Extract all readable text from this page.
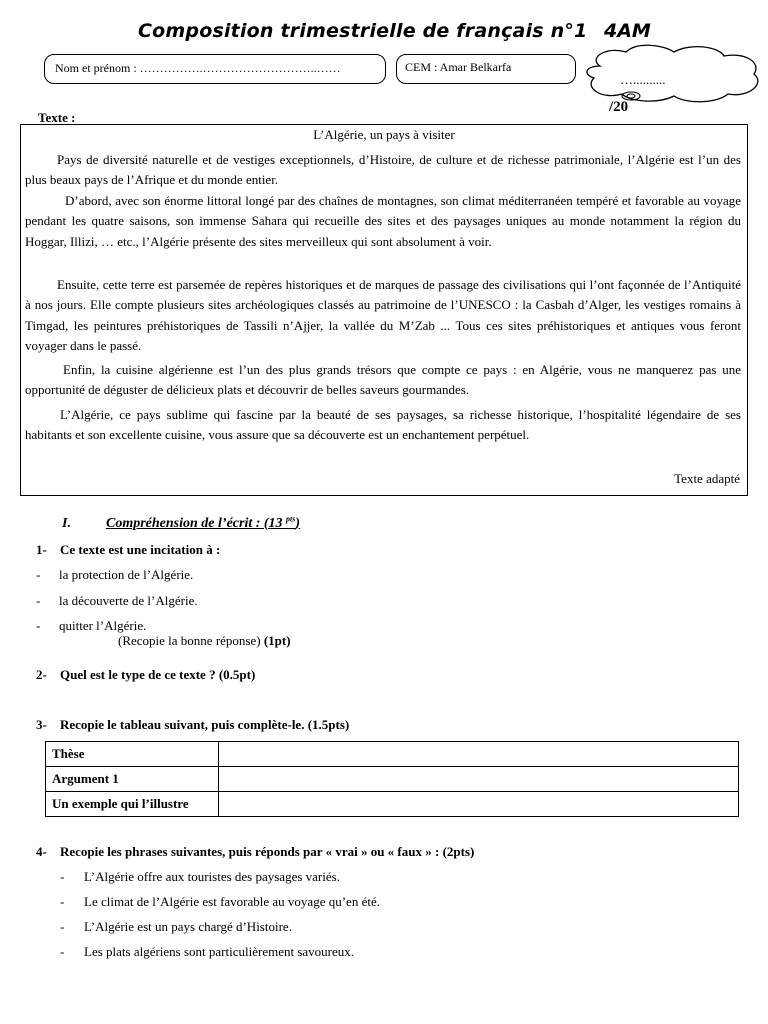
Composition trimestrielle de français n°1 4AM
Nom et prénom : …………….………………………..……	CEM : Amar Belkarfa
…..........
/20
Texte :
L’Algérie, un pays à visiter
Pays de diversité naturelle et de vestiges exceptionnels, d’Histoire, de culture et de richesse patrimoniale, l’Algérie est l’un des plus beaux pays de l’Afrique et du monde entier.
D’abord, avec son énorme littoral longé par des chaînes de montagnes, son climat méditerranéen tempéré et favorable au voyage pendant les quatre saisons, son immense Sahara qui recueille des sites et des paysages uniques au monde notamment la région du Hoggar, Illizi, … etc., l’Algérie présente des sites merveilleux qui sont absolument à voir.
Ensuite, cette terre est parsemée de repères historiques et de marques de passage des civilisations qui l’ont façonnée de l’Antiquité à nos jours. Elle compte plusieurs sites archéologiques classés au patrimoine de l’UNESCO : la Casbah d’Alger, les vestiges romains à Timgad, les peintures préhistoriques de Tassili n’Ajjer, la vallée du M’Zab ... Tous ces sites préhistoriques et antiques vous feront voyager dans le passé.
Enfin, la cuisine algérienne est l’un des plus grands trésors que compte ce pays : en Algérie, vous ne manquerez pas une opportunité de déguster de délicieux plats et découvrir de belles saveurs gourmandes.
L’Algérie, ce pays sublime qui fascine par la beauté de ses paysages, sa richesse historique, l’hospitalité légendaire de ses habitants et son excellente cuisine, vous assure que sa découverte est un enchantement perpétuel.
Texte adapté
I.	Compréhension de l’écrit : (13 $^{pts}$)
1- Ce texte est une incitation à :
- la protection de l’Algérie.
- la découverte de l’Algérie.
- quitter l’Algérie.
(Recopie la bonne réponse) (1pt)
2- Quel est le type de ce texte ? (0.5pt)
3- Recopie le tableau suivant, puis complète-le. (1.5pts)
Thèse	
Argument 1	
Un exemple qui l’illustre	
4- Recopie les phrases suivantes, puis réponds par « vrai » ou « faux » : (2pts)
- L’Algérie offre aux touristes des paysages variés.
- Le climat de l’Algérie est favorable au voyage qu’en été.
- L’Algérie est un pays chargé d’Histoire.
- Les plats algériens sont particulièrement savoureux.
